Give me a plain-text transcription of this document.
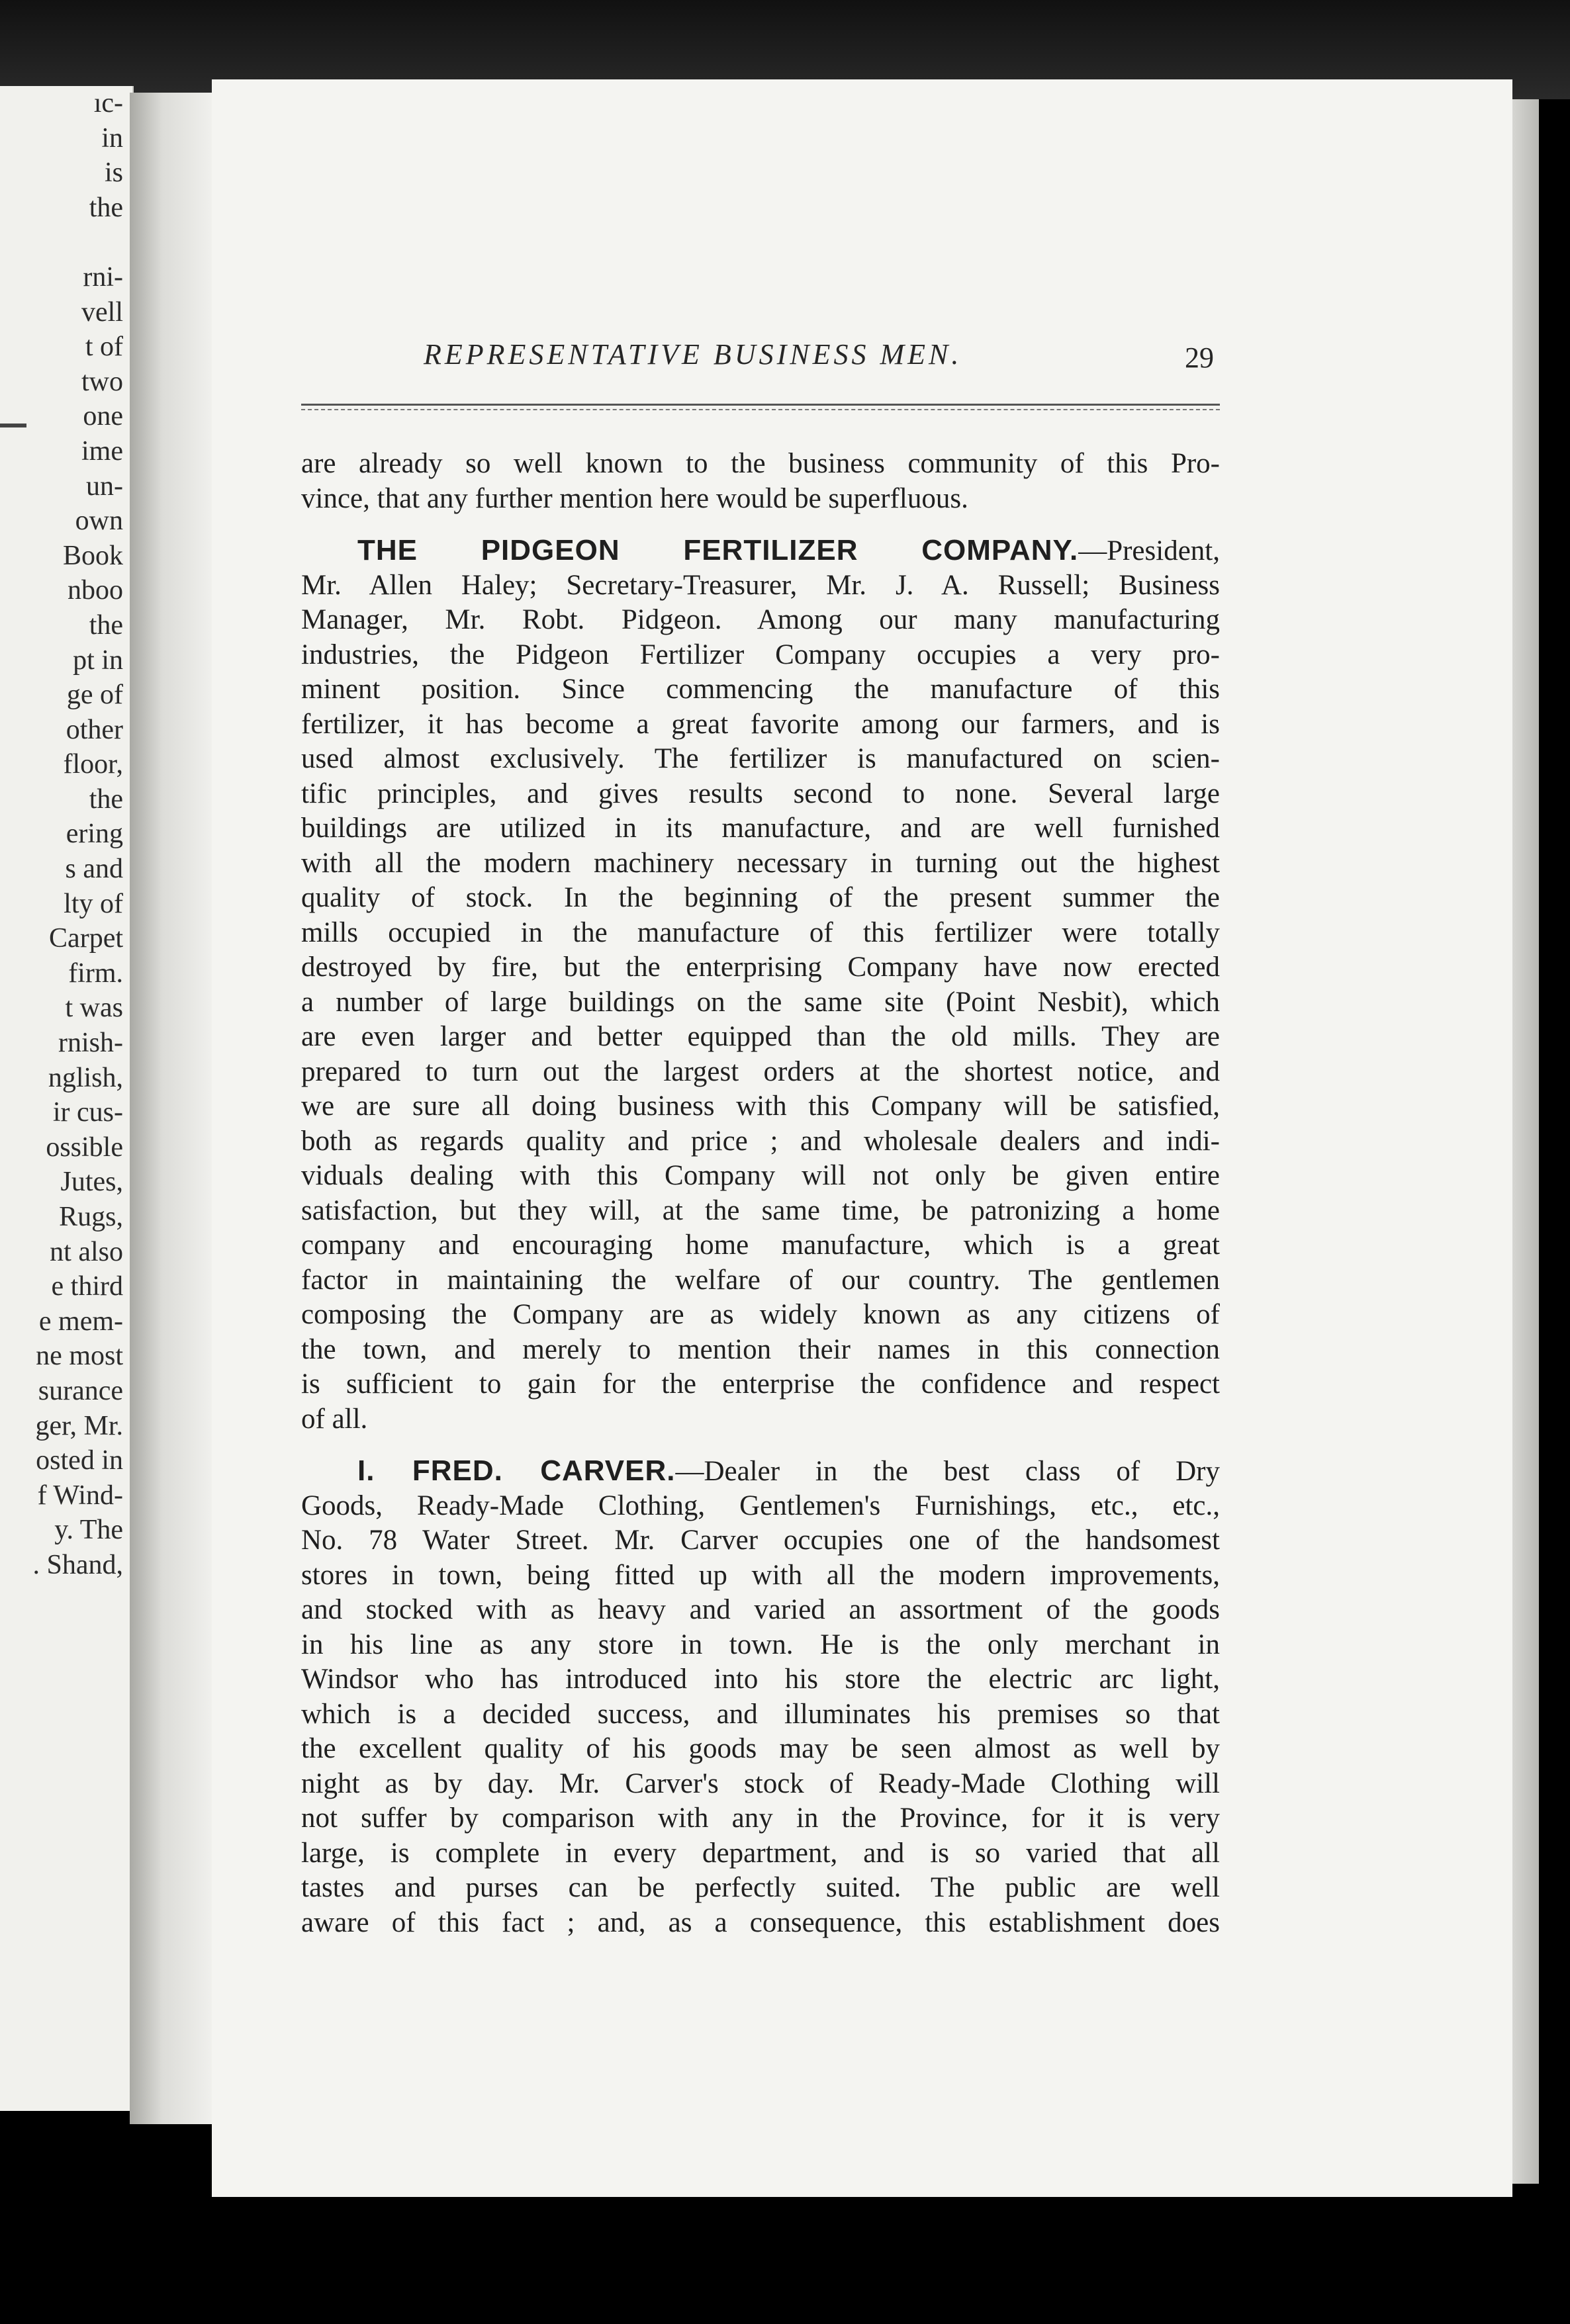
ıc-
in
is
the
rni-
vell
t of
two
one
ime
un-
own
Book
nboo
the
pt in
ge of
other
floor,
the
ering
s and
lty of
Carpet
firm.
t was
rnish-
nglish,
ir cus-
ossible
Jutes,
Rugs,
nt also
e third
e mem-
ne most
surance
ger, Mr.
osted in
f Wind-
y. The
. Shand,
REPRESENTATIVE BUSINESS MEN.	29
are already so well known to the business community of this Pro-
vince, that any further mention here would be superfluous.
THE PIDGEON FERTILIZER COMPANY.—President,
Mr. Allen Haley; Secretary-Treasurer, Mr. J. A. Russell; Business
Manager, Mr. Robt. Pidgeon. Among our many manufacturing
industries, the Pidgeon Fertilizer Company occupies a very pro-
minent position. Since commencing the manufacture of this
fertilizer, it has become a great favorite among our farmers, and is
used almost exclusively. The fertilizer is manufactured on scien-
tific principles, and gives results second to none. Several large
buildings are utilized in its manufacture, and are well furnished
with all the modern machinery necessary in turning out the highest
quality of stock. In the beginning of the present summer the
mills occupied in the manufacture of this fertilizer were totally
destroyed by fire, but the enterprising Company have now erected
a number of large buildings on the same site (Point Nesbit), which
are even larger and better equipped than the old mills. They are
prepared to turn out the largest orders at the shortest notice, and
we are sure all doing business with this Company will be satisfied,
both as regards quality and price ; and wholesale dealers and indi-
viduals dealing with this Company will not only be given entire
satisfaction, but they will, at the same time, be patronizing a home
company and encouraging home manufacture, which is a great
factor in maintaining the welfare of our country. The gentlemen
composing the Company are as widely known as any citizens of
the town, and merely to mention their names in this connection
is sufficient to gain for the enterprise the confidence and respect
of all.
I. FRED. CARVER.—Dealer in the best class of Dry
Goods, Ready-Made Clothing, Gentlemen's Furnishings, etc., etc.,
No. 78 Water Street. Mr. Carver occupies one of the handsomest
stores in town, being fitted up with all the modern improvements,
and stocked with as heavy and varied an assortment of the goods
in his line as any store in town. He is the only merchant in
Windsor who has introduced into his store the electric arc light,
which is a decided success, and illuminates his premises so that
the excellent quality of his goods may be seen almost as well by
night as by day. Mr. Carver's stock of Ready-Made Clothing will
not suffer by comparison with any in the Province, for it is very
large, is complete in every department, and is so varied that all
tastes and purses can be perfectly suited. The public are well
aware of this fact ; and, as a consequence, this establishment does
